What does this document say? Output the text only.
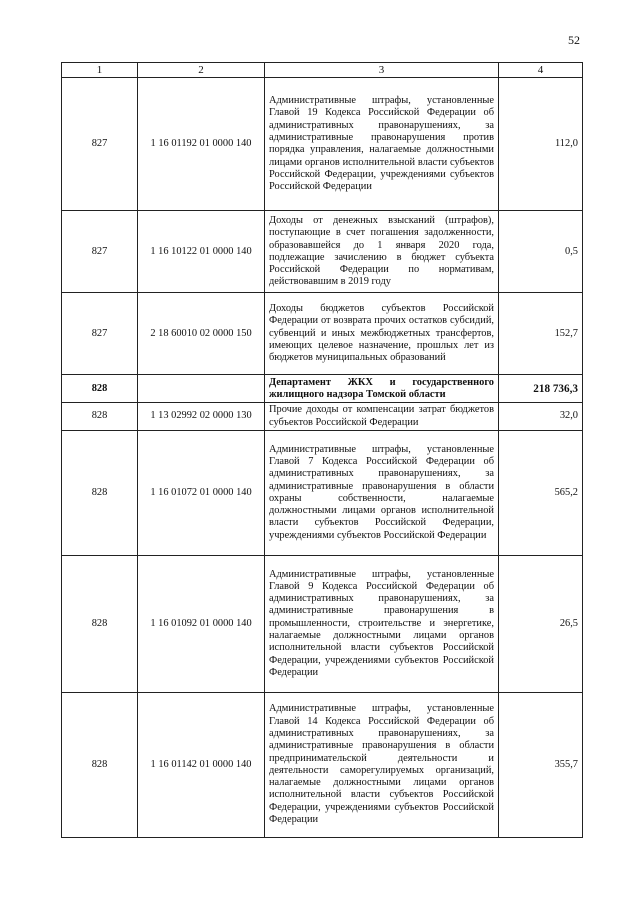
52
1	2	3	4
827	1 16 01192 01 0000 140	Административные штрафы, установленные Главой 19 Кодекса Российской Федерации об административных правонарушениях, за административные правонарушения против порядка управления, налагаемые должностными лицами органов исполнительной власти субъектов Российской Федерации, учреждениями субъектов Российской Федерации	112,0
827	1 16 10122 01 0000 140	Доходы от денежных взысканий (штрафов), поступающие в счет погашения задолженности, образовавшейся до 1 января 2020 года, подлежащие зачислению в бюджет субъекта Российской Федерации по нормативам, действовавшим в 2019 году	0,5
827	2 18 60010 02 0000 150	Доходы бюджетов субъектов Российской Федерации от возврата прочих остатков субсидий, субвенций и иных межбюджетных трансфертов, имеющих целевое назначение, прошлых лет из бюджетов муниципальных образований	152,7
828		Департамент ЖКХ и государственного жилищного надзора Томской области	218 736,3
828	1 13 02992 02 0000 130	Прочие доходы от компенсации затрат бюджетов субъектов Российской Федерации	32,0
828	1 16 01072 01 0000 140	Административные штрафы, установленные Главой 7 Кодекса Российской Федерации об административных правонарушениях, за административные правонарушения в области охраны собственности, налагаемые должностными лицами органов исполнительной власти субъектов Российской Федерации, учреждениями субъектов Российской Федерации	565,2
828	1 16 01092 01 0000 140	Административные штрафы, установленные Главой 9 Кодекса Российской Федерации об административных правонарушениях, за административные правонарушения в промышленности, строительстве и энергетике, налагаемые должностными лицами органов исполнительной власти субъектов Российской Федерации, учреждениями субъектов Российской Федерации	26,5
828	1 16 01142 01 0000 140	Административные штрафы, установленные Главой 14 Кодекса Российской Федерации об административных правонарушениях, за административные правонарушения в области предпринимательской деятельности и деятельности саморегулируемых организаций, налагаемые должностными лицами органов исполнительной власти субъектов Российской Федерации, учреждениями субъектов Российской Федерации	355,7
